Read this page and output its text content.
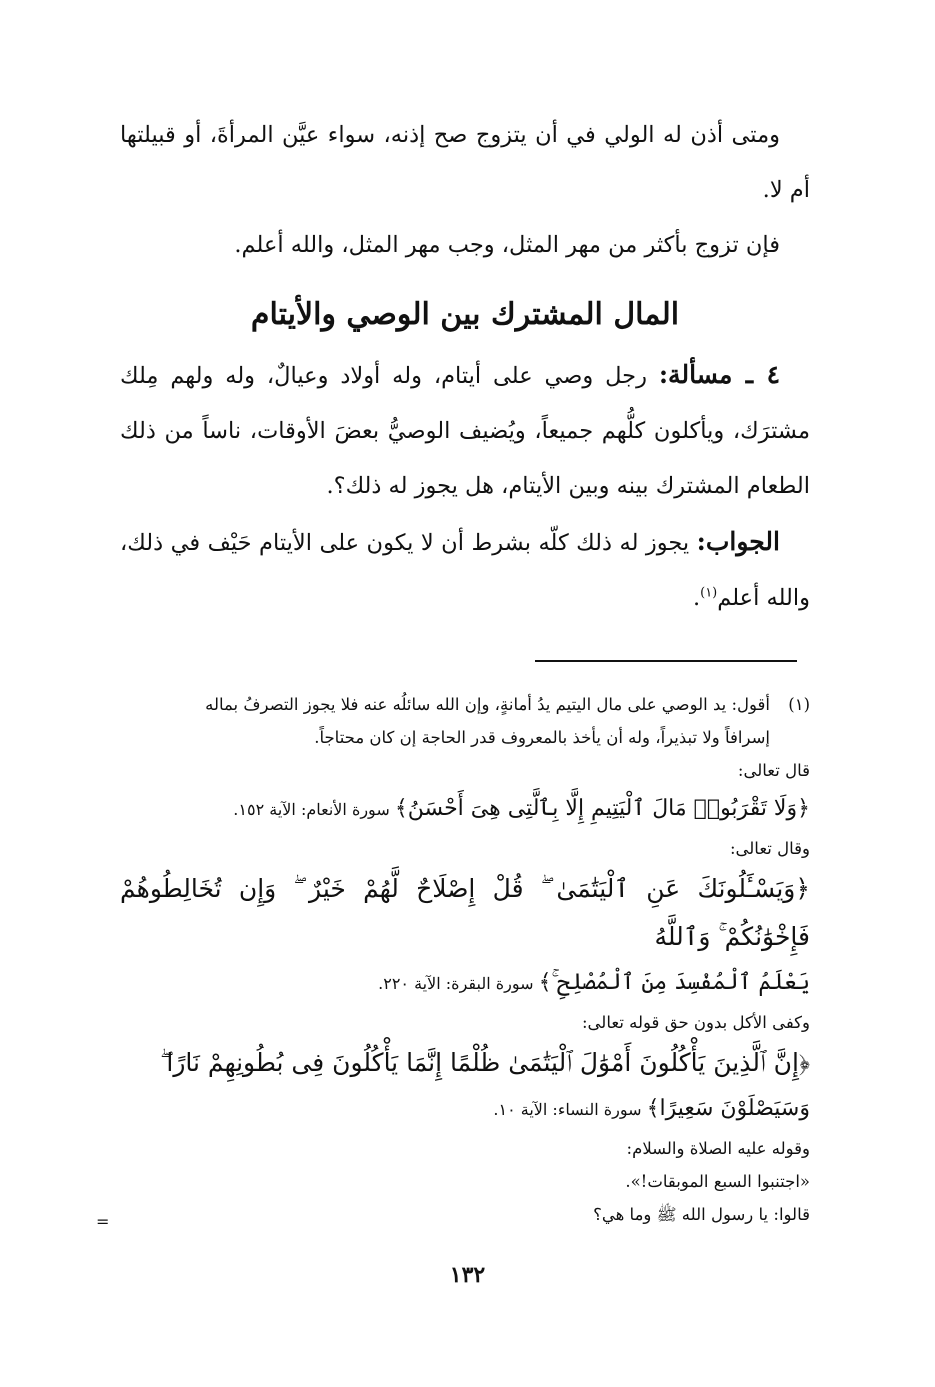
ومتى أذن له الولي في أن يتزوج صح إذنه، سواء عيَّن المرأةَ، أو قبيلتها أم لا.

فإن تزوج بأكثر من مهر المثل، وجب مهر المثل، والله أعلم.

المال المشترك بين الوصي والأيتام

٤ ـ مسألة: رجل وصي على أيتام، وله أولاد وعيالٌ، وله ولهم مِلك مشترَك، ويأكلون كلُّهم جميعاً، ويُضيف الوصيُّ بعضَ الأوقات، ناساً من ذلك الطعام المشترك بينه وبين الأيتام، هل يجوز له ذلك؟.

الجواب: يجوز له ذلك كلّه بشرط أن لا يكون على الأيتام حَيْف في ذلك، والله أعلم$^{(١)}$.

(١)
أقول: يد الوصي على مال اليتيم يدُ أمانةٍ، وإن الله سائلُه عنه فلا يجوز التصرفُ بماله

إسرافاً ولا تبذيراً، وله أن يأخذ بالمعروف قدر الحاجة إن كان محتاجاً.

قال تعالى:

﴿وَلَا تَقْرَبُوا۟ مَالَ ٱلْيَتِيمِ إِلَّا بِٱلَّتِى هِىَ أَحْسَنُ﴾ سورة الأنعام: الآية ١٥٢.

وقال تعالى:

﴿وَيَسْـَٔلُونَكَ عَنِ ٱلْيَتَٰمَىٰ ۖ قُلْ إِصْلَاحٌ لَّهُمْ خَيْرٌ ۖ وَإِن تُخَالِطُوهُمْ فَإِخْوَٰنُكُمْ ۚ وَٱللَّهُ

يَعْلَمُ ٱلْمُفْسِدَ مِنَ ٱلْمُصْلِحِ ۚ﴾ سورة البقرة: الآية ٢٢٠.

وكفى الأكل بدون حق قوله تعالى:

﴿إِنَّ ٱلَّذِينَ يَأْكُلُونَ أَمْوَٰلَ ٱلْيَتَٰمَىٰ ظُلْمًا إِنَّمَا يَأْكُلُونَ فِى بُطُونِهِمْ نَارًا ۖ

وَسَيَصْلَوْنَ سَعِيرًا﴾ سورة النساء: الآية ١٠.

وقوله عليه الصلاة والسلام:

«اجتنبوا السبع الموبقات!».

قالوا: يا رسول الله ﷺ وما هي؟

=
١٣٢
